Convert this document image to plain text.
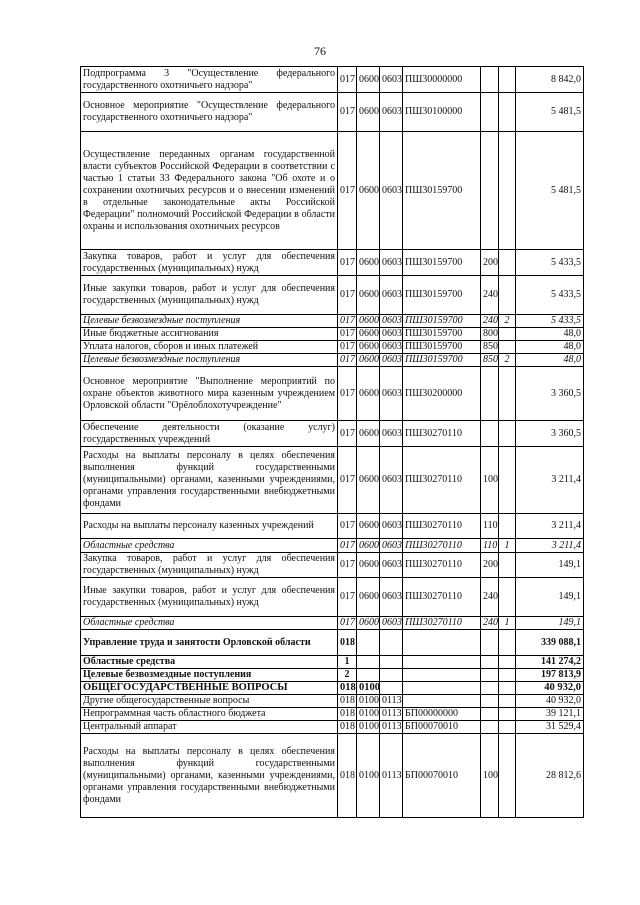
76
Подпрограмма 3 "Осуществление федерального государственного охотничьего надзора"	017	0600	0603	ПШ30000000			8 842,0
Основное мероприятие "Осуществление федерального государственного охотничьего надзора"	017	0600	0603	ПШ30100000			5 481,5
Осуществление переданных органам государственной власти субъектов Российской Федерации в соответствии с частью 1 статьи 33 Федерального закона "Об охоте и о сохранении охотничьих ресурсов и о внесении изменений в отдельные законодательные акты Российской Федерации" полномочий Российской Федерации в области охраны и использования охотничьих ресурсов	017	0600	0603	ПШ30159700			5 481,5
Закупка товаров, работ и услуг для обеспечения государственных (муниципальных) нужд	017	0600	0603	ПШ30159700	200		5 433,5
Иные закупки товаров, работ и услуг для обеспечения государственных (муниципальных) нужд	017	0600	0603	ПШ30159700	240		5 433,5
Целевые безвозмездные поступления	017	0600	0603	ПШ30159700	240	2	5 433,5
Иные бюджетные ассигнования	017	0600	0603	ПШ30159700	800		48,0
Уплата налогов, сборов и иных платежей	017	0600	0603	ПШ30159700	850		48,0
Целевые безвозмездные поступления	017	0600	0603	ПШ30159700	850	2	48,0
Основное мероприятие "Выполнение мероприятий по охране объектов животного мира казенным учреждением Орловской области "Орёлоблохотучреждение"	017	0600	0603	ПШ30200000			3 360,5
Обеспечение деятельности (оказание услуг) государственных учреждений	017	0600	0603	ПШ30270110			3 360,5
Расходы на выплаты персоналу в целях обеспечения выполнения функций государственными (муниципальными) органами, казенными учреждениями, органами управления государственными внебюджетными фондами	017	0600	0603	ПШ30270110	100		3 211,4
Расходы на выплаты персоналу казенных учреждений	017	0600	0603	ПШ30270110	110		3 211,4
Областные средства	017	0600	0603	ПШ30270110	110	1	3 211,4
Закупка товаров, работ и услуг для обеспечения государственных (муниципальных) нужд	017	0600	0603	ПШ30270110	200		149,1
Иные закупки товаров, работ и услуг для обеспечения государственных (муниципальных) нужд	017	0600	0603	ПШ30270110	240		149,1
Областные средства	017	0600	0603	ПШ30270110	240	1	149,1
Управление труда и занятости Орловской области	018						339 088,1
Областные средства	1						141 274,2
Целевые безвозмездные поступления	2						197 813,9
ОБЩЕГОСУДАРСТВЕННЫЕ ВОПРОСЫ	018	0100					40 932,0
Другие общегосударственные вопросы	018	0100	0113				40 932,0
Непрограммная часть областного бюджета	018	0100	0113	БП00000000			39 121,1
Центральный аппарат	018	0100	0113	БП00070010			31 529,4
Расходы на выплаты персоналу в целях обеспечения выполнения функций государственными (муниципальными) органами, казенными учреждениями, органами управления государственными внебюджетными фондами	018	0100	0113	БП00070010	100		28 812,6
